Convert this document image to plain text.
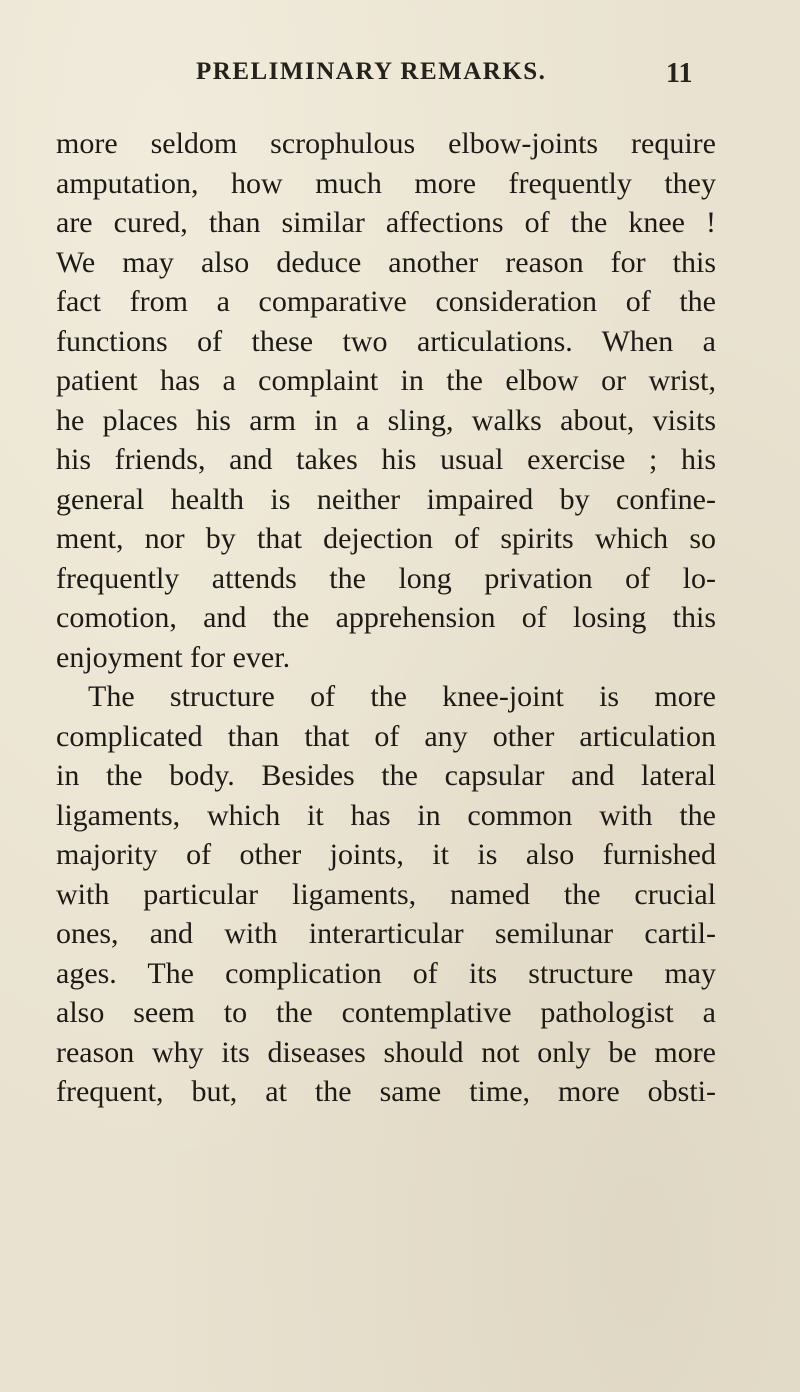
PRELIMINARY REMARKS.	11
more seldom scrophulous elbow-joints require
amputation, how much more frequently they
are cured, than similar affections of the knee !
We may also deduce another reason for this
fact from a comparative consideration of the
functions of these two articulations. When a
patient has a complaint in the elbow or wrist,
he places his arm in a sling, walks about, visits
his friends, and takes his usual exercise ; his
general health is neither impaired by confine-
ment, nor by that dejection of spirits which so
frequently attends the long privation of lo-
comotion, and the apprehension of losing this
enjoyment for ever.
The structure of the knee-joint is more
complicated than that of any other articulation
in the body. Besides the capsular and lateral
ligaments, which it has in common with the
majority of other joints, it is also furnished
with particular ligaments, named the crucial
ones, and with interarticular semilunar cartil-
ages. The complication of its structure may
also seem to the contemplative pathologist a
reason why its diseases should not only be more
frequent, but, at the same time, more obsti-
